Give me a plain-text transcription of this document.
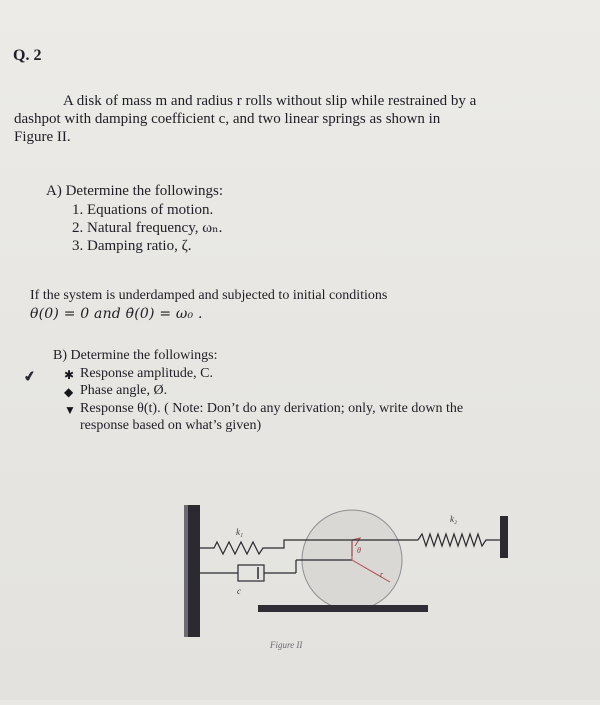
Q. 2
A disk of mass m and radius r rolls without slip while restrained by a
dashpot with damping coefficient c, and two linear springs as shown in
Figure II.
A) Determine the followings:
1. Equations of motion.
2. Natural frequency, ωₙ.
3. Damping ratio, ζ.
If the system is underdamped and subjected to initial conditions
θ(0) = 0 and θ̇(0) = ω₀ .
B) Determine the followings:
✔ ✱
◆
▼
Response amplitude, C.
Phase angle, Ø.
Response θ(t). ( Note: Don’t do any derivation; only, write down the
response based on what’s given)
k₁
k₂
c
θ
r
Figure II
